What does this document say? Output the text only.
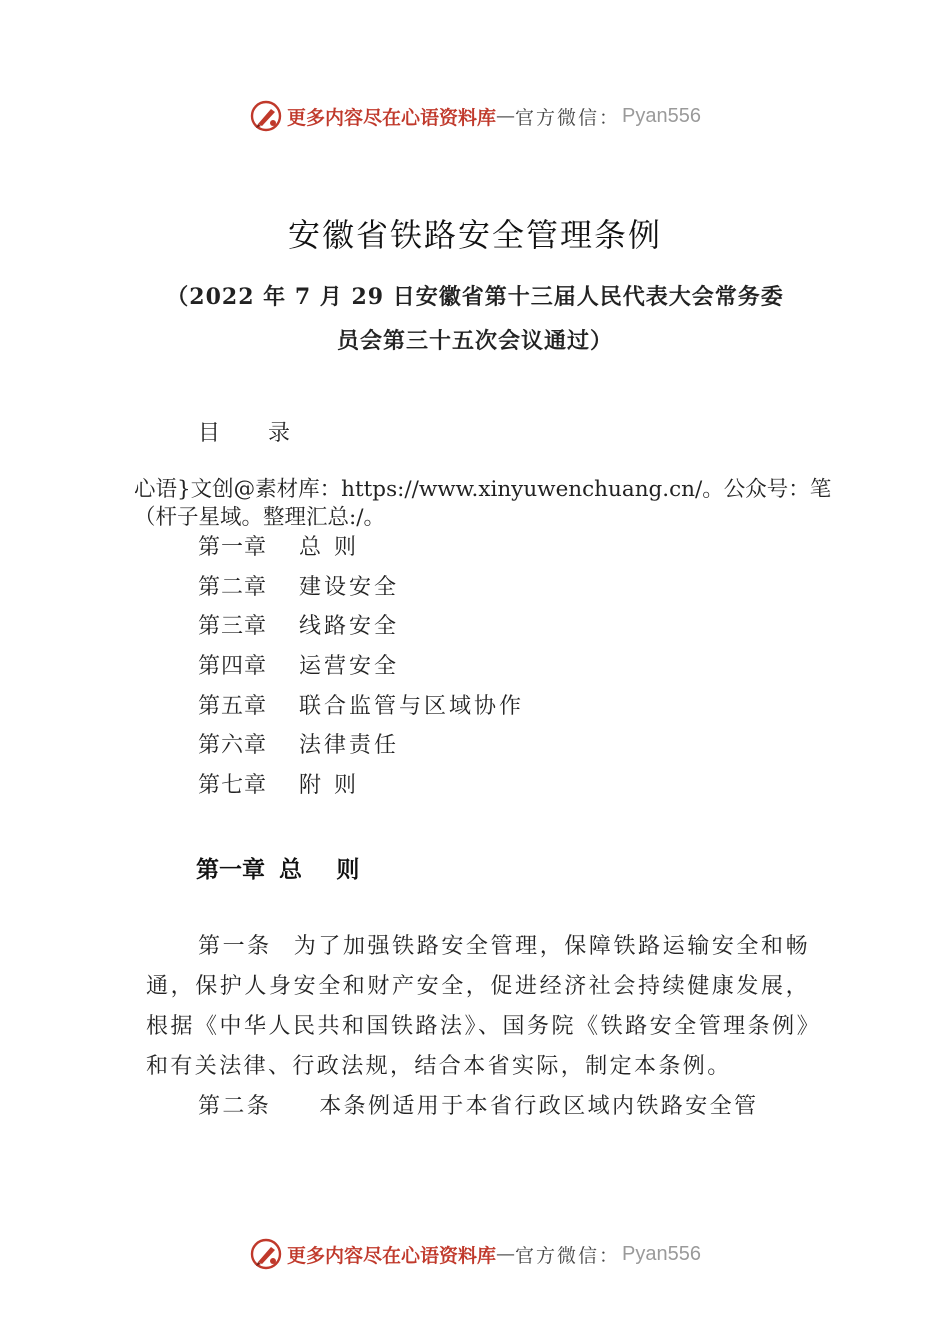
更多内容尽在心语资料库 — 官方微信： Pyan556
安徽省铁路安全管理条例
（2022 年 7 月 29 日安徽省第十三届人民代表大会常务委
员会第三十五次会议通过）
目录
心语}文创@素材库：https://www.xinyuwenchuang.cn/。公众号：笔（杆子星域。整理汇总:/。
第一章 总 则
第二章 建设安全
第三章 线路安全
第四章 运营安全
第五章 联合监管与区域协作
第六章 法律责任
第七章 附 则
第一章 总 则
第一条 为了加强铁路安全管理，保障铁路运输安全和畅通，保护人身安全和财产安全，促进经济社会持续健康发展，根据《中华人民共和国铁路法》、国务院《铁路安全管理条例》和有关法律、行政法规，结合本省实际，制定本条例。
第二条 本条例适用于本省行政区域内铁路安全管
更多内容尽在心语资料库 — 官方微信： Pyan556
